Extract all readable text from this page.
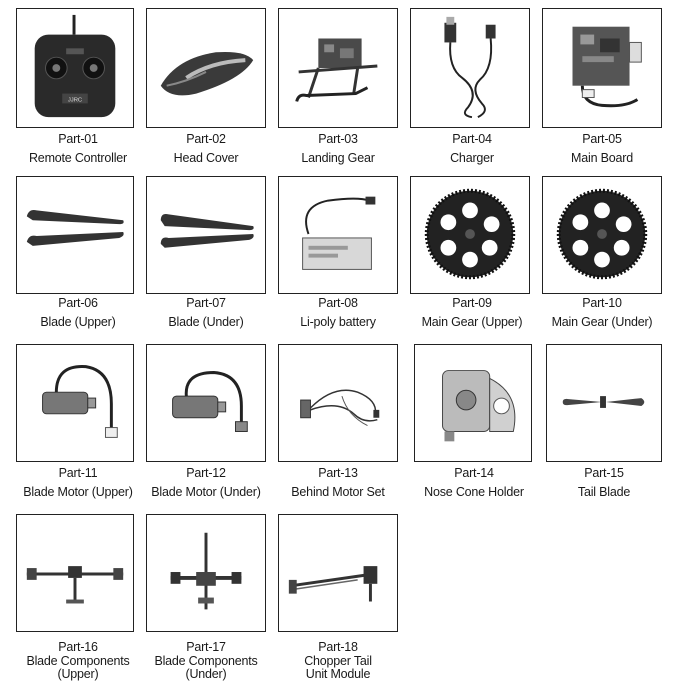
JJRC
Part-01
Remote Controller
Part-02
Head Cover
Part-03
Landing Gear
Part-04
Charger
Part-05
Main Board
Part-06
Blade (Upper)
Part-07
Blade (Under)
Part-08
Li-poly battery
Part-09
Main Gear (Upper)
Part-10
Main Gear (Under)
Part-11
Blade Motor (Upper)
Part-12
Blade Motor (Under)
Part-13
Behind Motor Set
Part-14
Nose Cone Holder
Part-15
Tail Blade
Part-16
Blade Components
(Upper)
Part-17
Blade Components
(Under)
Part-18
Chopper Tail
Unit Module
